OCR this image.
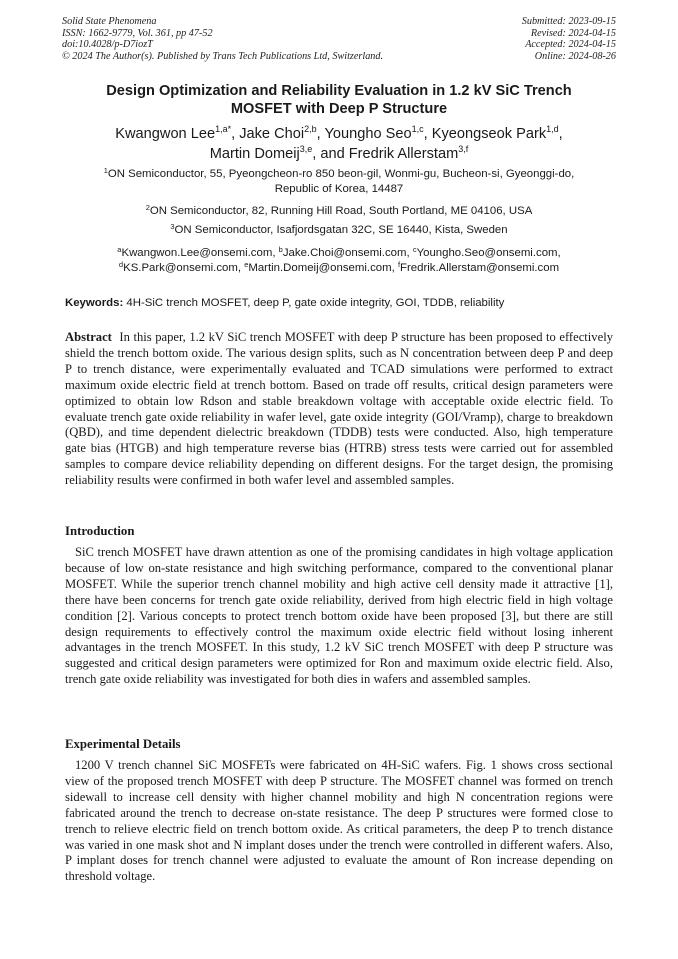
Solid State Phenomena
ISSN: 1662-9779, Vol. 361, pp 47-52
doi:10.4028/p-D7iozT
© 2024 The Author(s). Published by Trans Tech Publications Ltd, Switzerland.
Submitted: 2023-09-15
Revised: 2024-04-15
Accepted: 2024-04-15
Online: 2024-08-26
Design Optimization and Reliability Evaluation in 1.2 kV SiC Trench
MOSFET with Deep P Structure
Kwangwon Lee$^{1,a*}$, Jake Choi$^{2,b}$, Youngho Seo$^{1,c}$, Kyeongseok Park$^{1,d}$,
Martin Domeij$^{3,e}$, and Fredrik Allerstam$^{3,f}$
$^1$ON Semiconductor, 55, Pyeongcheon-ro 850 beon-gil, Wonmi-gu, Bucheon-si, Gyeonggi-do,
Republic of Korea, 14487
$^2$ON Semiconductor, 82, Running Hill Road, South Portland, ME 04106, USA
$^3$ON Semiconductor, Isafjordsgatan 32C, SE 16440, Kista, Sweden
$^a$Kwangwon.Lee@onsemi.com, $^b$Jake.Choi@onsemi.com, $^c$Youngho.Seo@onsemi.com,
$^d$KS.Park@onsemi.com, $^e$Martin.Domeij@onsemi.com, $^f$Fredrik.Allerstam@onsemi.com
Keywords: 4H-SiC trench MOSFET, deep P, gate oxide integrity, GOI, TDDB, reliability

Abstract In this paper, 1.2 kV SiC trench MOSFET with deep P structure has been proposed to effectively shield the trench bottom oxide. The various design splits, such as N concentration between deep P and deep P to trench distance, were experimentally evaluated and TCAD simulations were performed to extract maximum oxide electric field at trench bottom. Based on trade off results, critical design parameters were optimized to obtain low Rdson and stable breakdown voltage with acceptable oxide electric field. To evaluate trench gate oxide reliability in wafer level, gate oxide integrity (GOI/Vramp), charge to breakdown (QBD), and time dependent dielectric breakdown (TDDB) tests were conducted. Also, high temperature gate bias (HTGB) and high temperature reverse bias (HTRB) stress tests were carried out for assembled samples to compare device reliability depending on different designs. For the target design, the promising reliability results were confirmed in both wafer level and assembled samples.

Introduction

SiC trench MOSFET have drawn attention as one of the promising candidates in high voltage application because of low on-state resistance and high switching performance, compared to the conventional planar MOSFET. While the superior trench channel mobility and high active cell density made it attractive [1], there have been concerns for trench gate oxide reliability, derived from high electric field in high voltage condition [2]. Various concepts to protect trench bottom oxide have been proposed [3], but there are still design requirements to effectively control the maximum oxide electric field without losing inherent advantages in the trench MOSFET. In this study, 1.2 kV SiC trench MOSFET with deep P structure was suggested and critical design parameters were optimized for Ron and maximum oxide electric field. Also, trench gate oxide reliability was investigated for both dies in wafers and assembled samples.

Experimental Details

1200 V trench channel SiC MOSFETs were fabricated on 4H-SiC wafers. Fig. 1 shows cross sectional view of the proposed trench MOSFET with deep P structure. The MOSFET channel was formed on trench sidewall to increase cell density with higher channel mobility and high N concentration regions were fabricated around the trench to decrease on-state resistance. The deep P structures were formed close to trench to relieve electric field on trench bottom oxide. As critical parameters, the deep P to trench distance was varied in one mask shot and N implant doses under the trench were controlled in different wafers. Also, P implant doses for trench channel were adjusted to evaluate the amount of Ron increase depending on threshold voltage.
